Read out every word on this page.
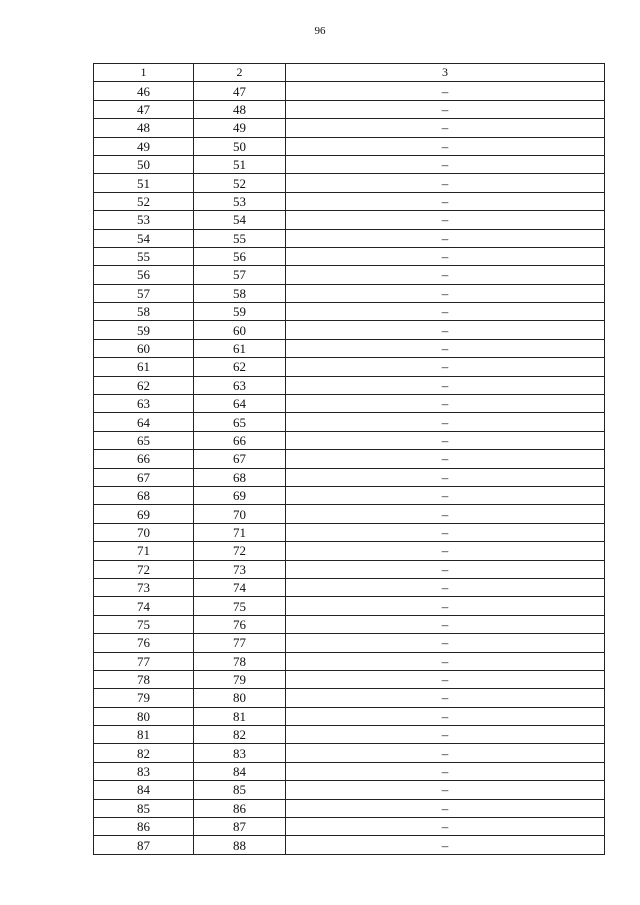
96
1	2	3
46	47	–
47	48	–
48	49	–
49	50	–
50	51	–
51	52	–
52	53	–
53	54	–
54	55	–
55	56	–
56	57	–
57	58	–
58	59	–
59	60	–
60	61	–
61	62	–
62	63	–
63	64	–
64	65	–
65	66	–
66	67	–
67	68	–
68	69	–
69	70	–
70	71	–
71	72	–
72	73	–
73	74	–
74	75	–
75	76	–
76	77	–
77	78	–
78	79	–
79	80	–
80	81	–
81	82	–
82	83	–
83	84	–
84	85	–
85	86	–
86	87	–
87	88	–
